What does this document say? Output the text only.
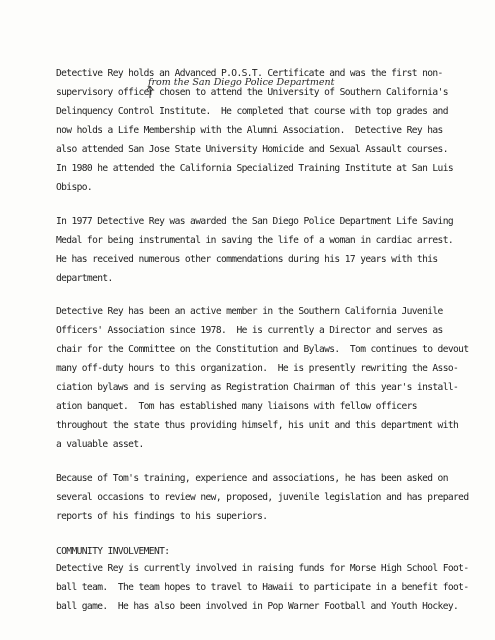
from the San Diego Police Department
Detective Rey holds an Advanced P.O.S.T. Certificate and was the first non-
supervisory officer chosen to attend the University of Southern California's
Delinquency Control Institute.  He completed that course with top grades and
now holds a Life Membership with the Alumni Association.  Detective Rey has
also attended San Jose State University Homicide and Sexual Assault courses.
In 1980 he attended the California Specialized Training Institute at San Luis
Obispo.
In 1977 Detective Rey was awarded the San Diego Police Department Life Saving
Medal for being instrumental in saving the life of a woman in cardiac arrest.
He has received numerous other commendations during his 17 years with this
department.
Detective Rey has been an active member in the Southern California Juvenile
Officers' Association since 1978.  He is currently a Director and serves as
chair for the Committee on the Constitution and Bylaws.  Tom continues to devout
many off-duty hours to this organization.  He is presently rewriting the Asso-
ciation bylaws and is serving as Registration Chairman of this year's install-
ation banquet.  Tom has established many liaisons with fellow officers
throughout the state thus providing himself, his unit and this department with
a valuable asset.
Because of Tom's training, experience and associations, he has been asked on
several occasions to review new, proposed, juvenile legislation and has prepared
reports of his findings to his superiors.
COMMUNITY INVOLVEMENT:
Detective Rey is currently involved in raising funds for Morse High School Foot-
ball team.  The team hopes to travel to Hawaii to participate in a benefit foot-
ball game.  He has also been involved in Pop Warner Football and Youth Hockey.
